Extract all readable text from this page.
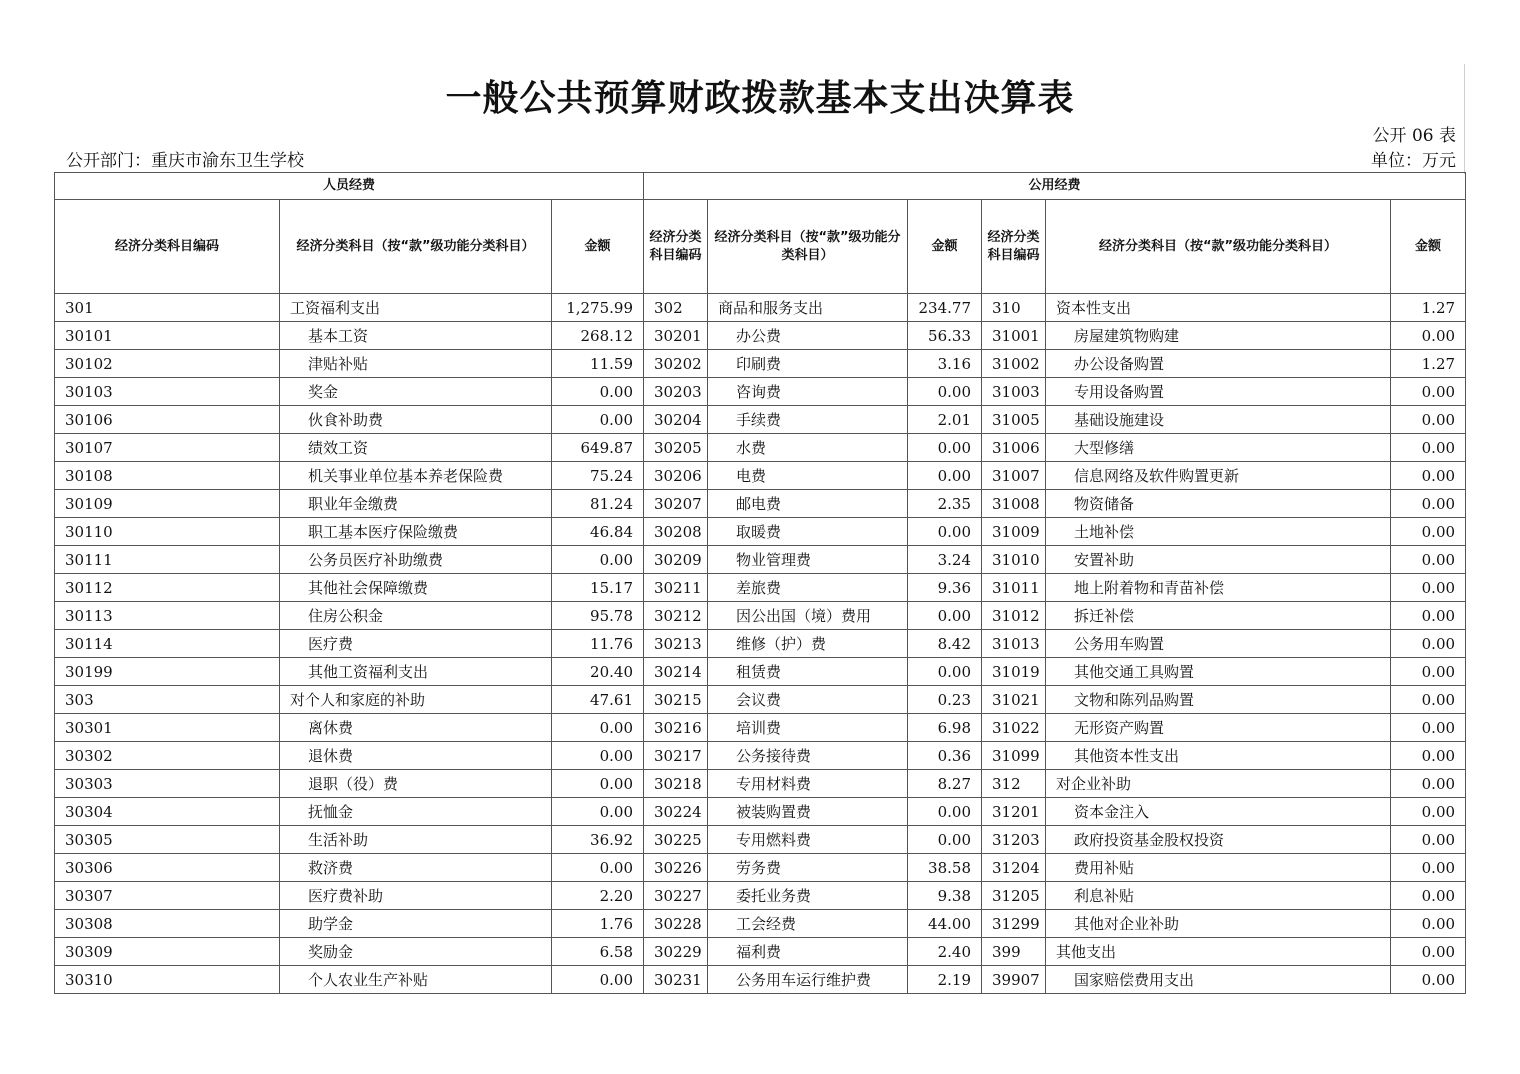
一般公共预算财政拨款基本支出决算表
公开 06 表
公开部门：重庆市渝东卫生学校	单位：万元
人员经费			公用经费					
经济分类科目编码	经济分类科目（按“款”级功能分类科目）	金额	经济分类科目编码	经济分类科目（按“款”级功能分类科目）	金额	经济分类科目编码	经济分类科目（按“款”级功能分类科目）	金额
301	工资福利支出	1,275.99	302	商品和服务支出	234.77	310	资本性支出	1.27
30101	基本工资	268.12	30201	办公费	56.33	31001	房屋建筑物购建	0.00
30102	津贴补贴	11.59	30202	印刷费	3.16	31002	办公设备购置	1.27
30103	奖金	0.00	30203	咨询费	0.00	31003	专用设备购置	0.00
30106	伙食补助费	0.00	30204	手续费	2.01	31005	基础设施建设	0.00
30107	绩效工资	649.87	30205	水费	0.00	31006	大型修缮	0.00
30108	机关事业单位基本养老保险费	75.24	30206	电费	0.00	31007	信息网络及软件购置更新	0.00
30109	职业年金缴费	81.24	30207	邮电费	2.35	31008	物资储备	0.00
30110	职工基本医疗保险缴费	46.84	30208	取暖费	0.00	31009	土地补偿	0.00
30111	公务员医疗补助缴费	0.00	30209	物业管理费	3.24	31010	安置补助	0.00
30112	其他社会保障缴费	15.17	30211	差旅费	9.36	31011	地上附着物和青苗补偿	0.00
30113	住房公积金	95.78	30212	因公出国（境）费用	0.00	31012	拆迁补偿	0.00
30114	医疗费	11.76	30213	维修（护）费	8.42	31013	公务用车购置	0.00
30199	其他工资福利支出	20.40	30214	租赁费	0.00	31019	其他交通工具购置	0.00
303	对个人和家庭的补助	47.61	30215	会议费	0.23	31021	文物和陈列品购置	0.00
30301	离休费	0.00	30216	培训费	6.98	31022	无形资产购置	0.00
30302	退休费	0.00	30217	公务接待费	0.36	31099	其他资本性支出	0.00
30303	退职（役）费	0.00	30218	专用材料费	8.27	312	对企业补助	0.00
30304	抚恤金	0.00	30224	被装购置费	0.00	31201	资本金注入	0.00
30305	生活补助	36.92	30225	专用燃料费	0.00	31203	政府投资基金股权投资	0.00
30306	救济费	0.00	30226	劳务费	38.58	31204	费用补贴	0.00
30307	医疗费补助	2.20	30227	委托业务费	9.38	31205	利息补贴	0.00
30308	助学金	1.76	30228	工会经费	44.00	31299	其他对企业补助	0.00
30309	奖励金	6.58	30229	福利费	2.40	399	其他支出	0.00
30310	个人农业生产补贴	0.00	30231	公务用车运行维护费	2.19	39907	国家赔偿费用支出	0.00
